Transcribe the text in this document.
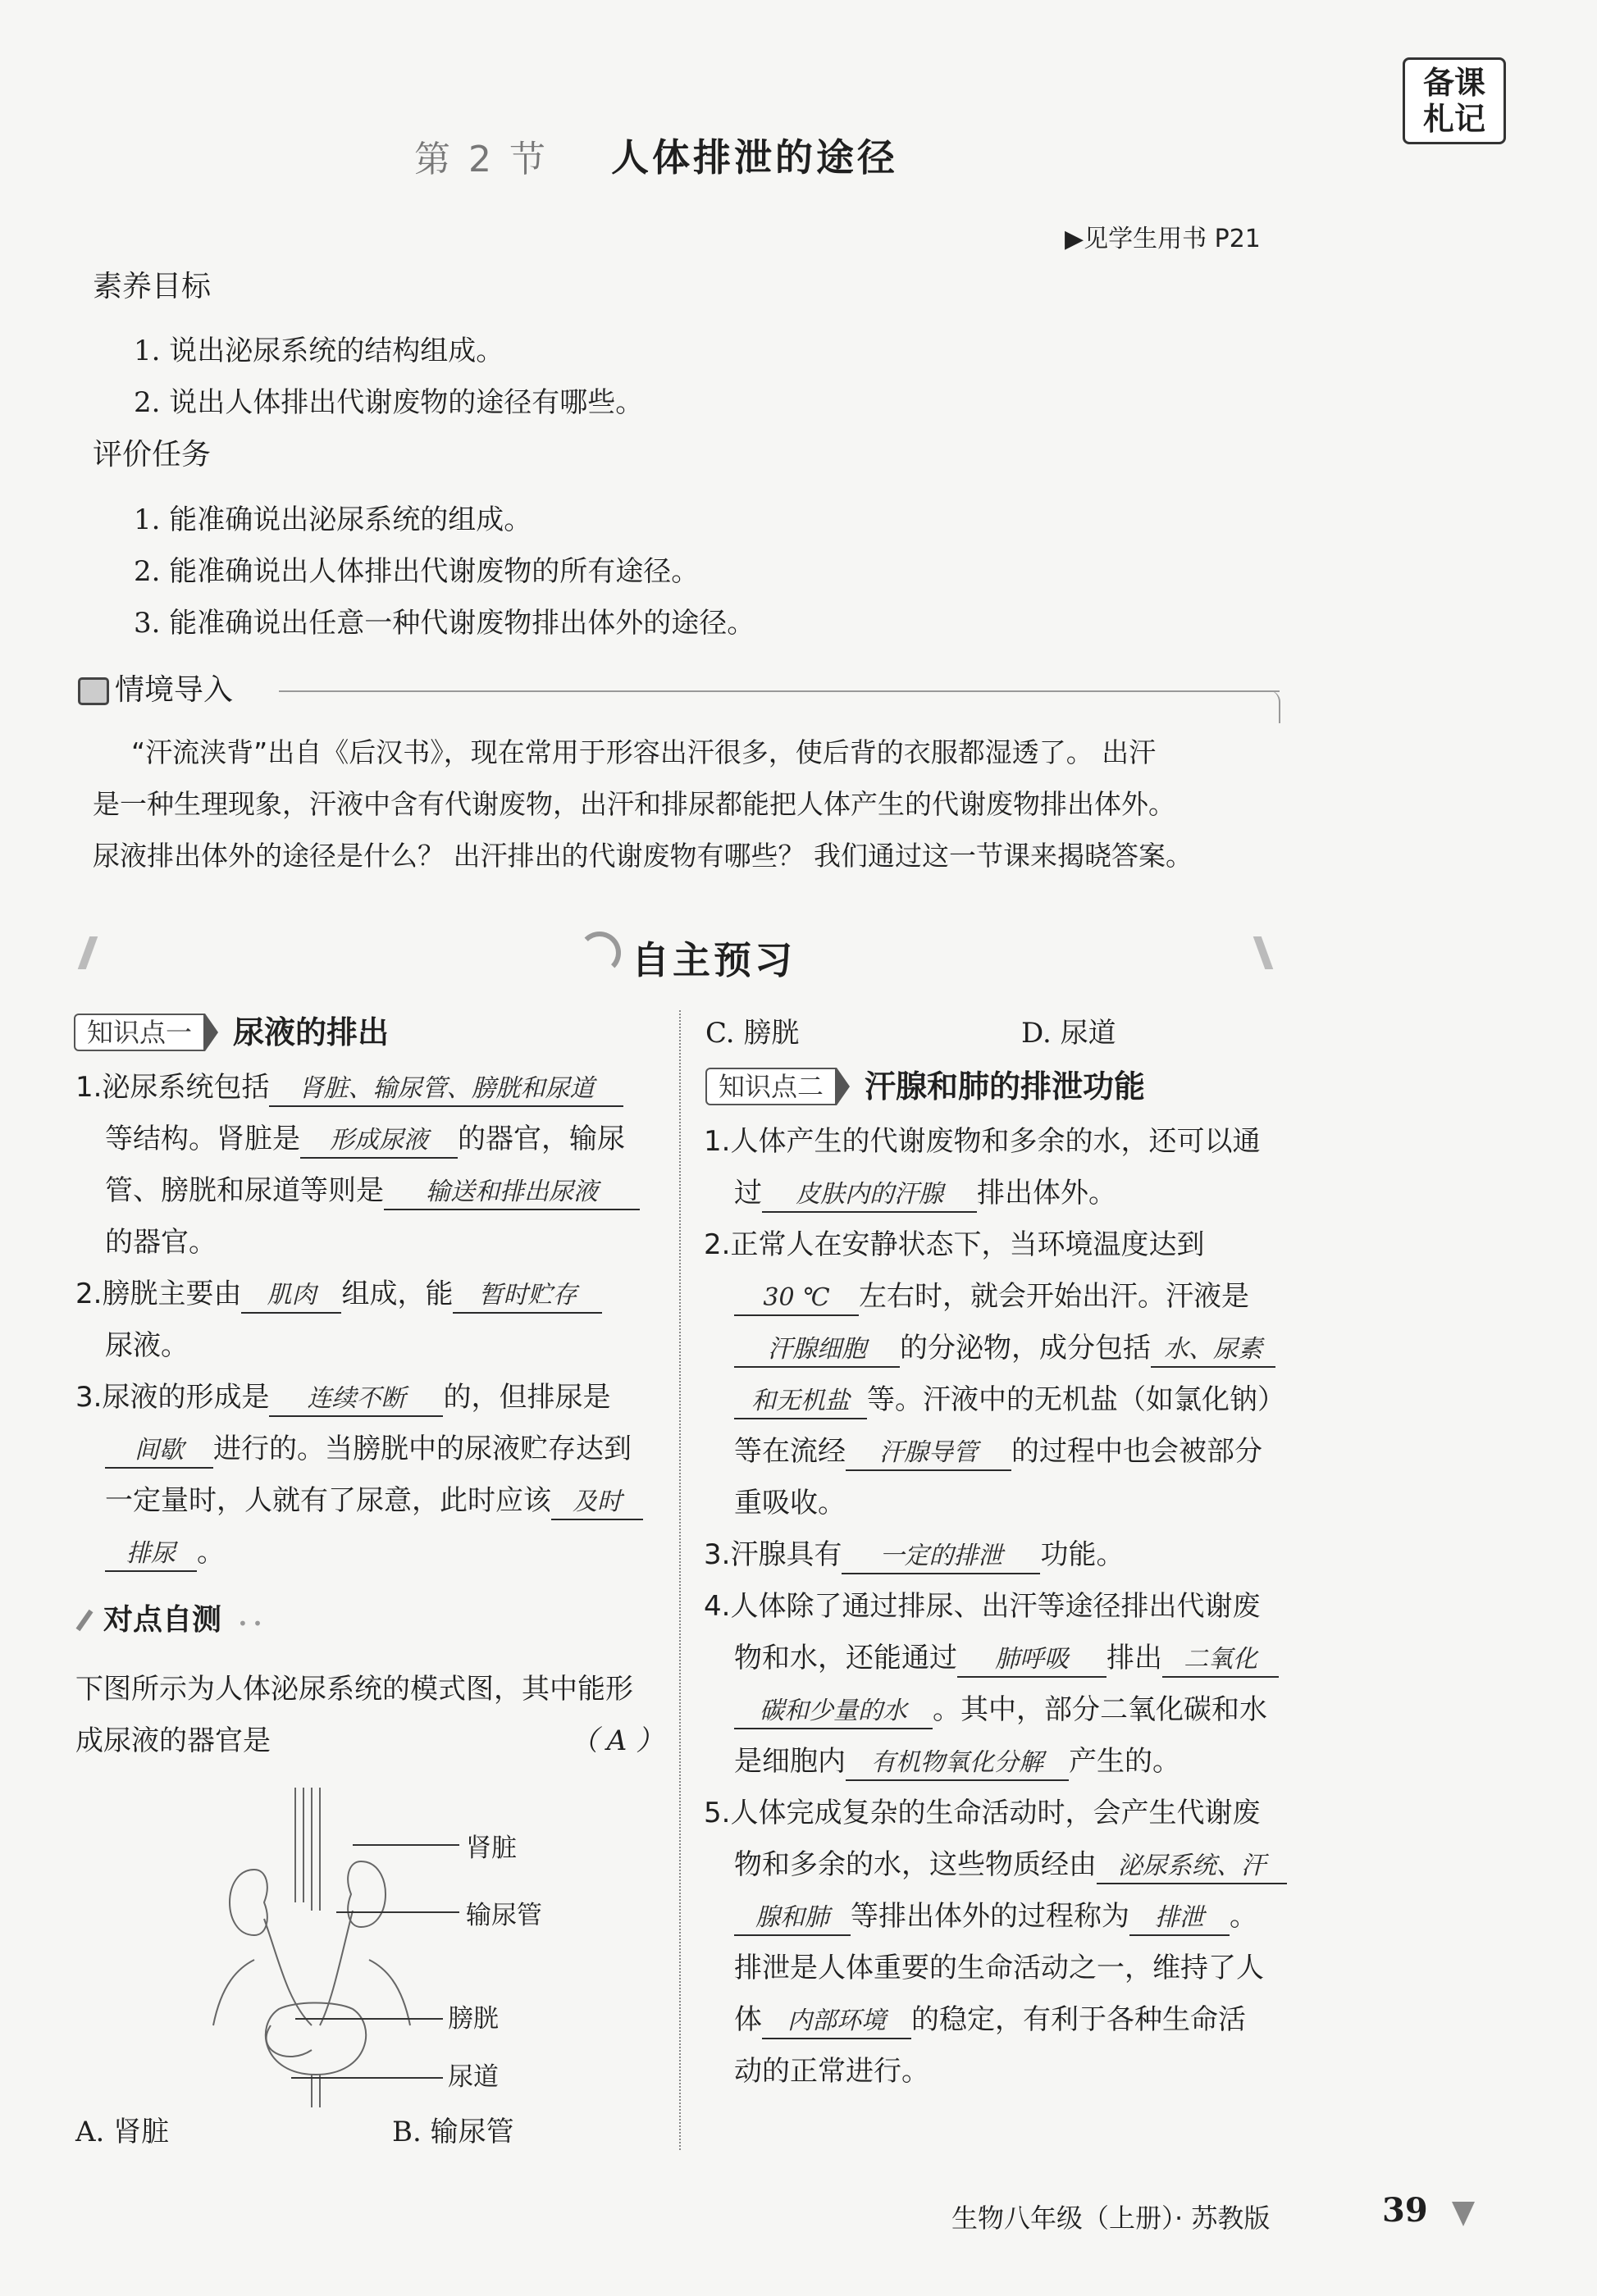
第 2 节 人体排泄的途径
备课
札记
▶见学生用书 P21
素养目标
1. 说出泌尿系统的结构组成。
2. 说出人体排出代谢废物的途径有哪些。
评价任务
1. 能准确说出泌尿系统的组成。
2. 能准确说出人体排出代谢废物的所有途径。
3. 能准确说出任意一种代谢废物排出体外的途径。
情境导入
“汗流浃背”出自《后汉书》，现在常用于形容出汗很多，使后背的衣服都湿透了。 出汗
是一种生理现象，汗液中含有代谢废物，出汗和排尿都能把人体产生的代谢废物排出体外。
尿液排出体外的途径是什么？ 出汗排出的代谢废物有哪些？ 我们通过这一节课来揭晓答案。
自主预习
知识点一 尿液的排出
1.泌尿系统包括 肾脏、输尿管、膀胱和尿道
等结构。肾脏是 形成尿液 的器官，输尿
管、膀胱和尿道等则是 输送和排出尿液
的器官。
2.膀胱主要由 肌肉 组成，能 暂时贮存
尿液。
3.尿液的形成是 连续不断 的，但排尿是
间歇 进行的。当膀胱中的尿液贮存达到
一定量时，人就有了尿意，此时应该 及时
排尿 。
对点自测 • •
下图所示为人体泌尿系统的模式图，其中能形
成尿液的器官是	（ A ）
肾脏
输尿管
膀胱
尿道
A. 肾脏	B. 输尿管
C. 膀胱	D. 尿道
知识点二 汗腺和肺的排泄功能
1.人体产生的代谢废物和多余的水，还可以通
过 皮肤内的汗腺 排出体外。
2.正常人在安静状态下，当环境温度达到
30 ℃ 左右时，就会开始出汗。汗液是
汗腺细胞 的分泌物，成分包括 水、尿素
和无机盐 等。汗液中的无机盐（如氯化钠）
等在流经 汗腺导管 的过程中也会被部分
重吸收。
3.汗腺具有 一定的排泄 功能。
4.人体除了通过排尿、出汗等途径排出代谢废
物和水，还能通过 肺呼吸 排出 二氧化
碳和少量的水 。其中，部分二氧化碳和水
是细胞内 有机物氧化分解 产生的。
5.人体完成复杂的生命活动时，会产生代谢废
物和多余的水，这些物质经由 泌尿系统、汗
腺和肺 等排出体外的过程称为 排泄 。
排泄是人体重要的生命活动之一，维持了人
体 内部环境 的稳定，有利于各种生命活
动的正常进行。
生物八年级（上册）· 苏教版	39
